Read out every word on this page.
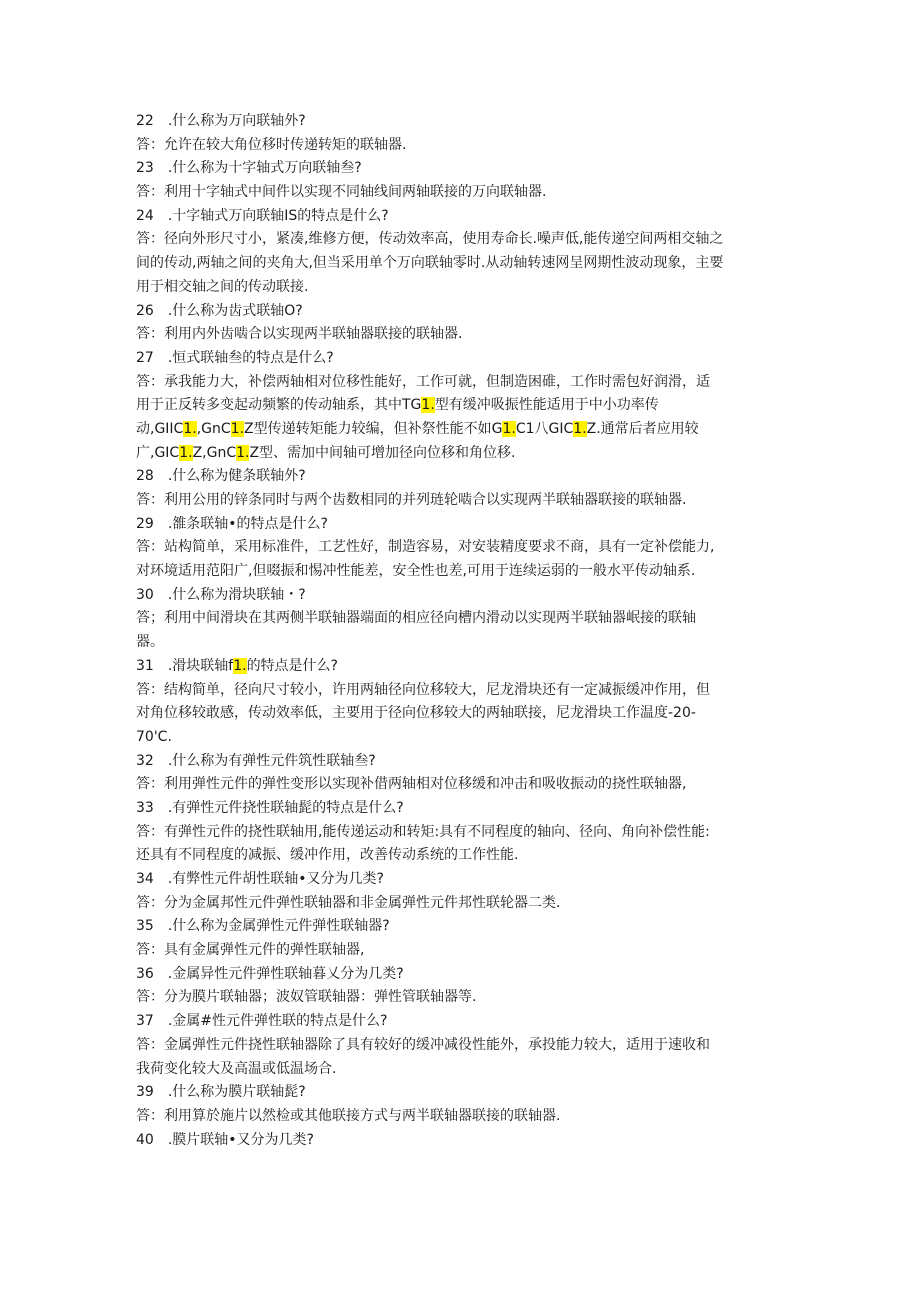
22　.什么称为万向联轴外?
答：允许在较大角位移时传递转矩的联轴器.
23　.什么称为十字轴式万向联轴叁?
答：利用十字轴式中间件以实现不同轴线间两轴联接的万向联轴器.
24　.十字轴式万向联轴IS的特点是什么?
答：径向外形尺寸小，紧凑,维修方便，传动效率高，使用寿命长.噪声低,能传递空间两相交轴之
间的传动,两轴之间的夹角大,但当采用单个万向联轴零时.从动轴转速网呈网期性波动现象，主要
用于相交轴之间的传动联接.
26　.什么称为齿式联轴O?
答：利用内外齿啮合以实现两半联轴器联接的联轴器.
27　.恒式联轴叁的特点是什么?
答：承我能力大，补偿两轴相对位移性能好，工作可就，但制造困碓，工作时需包好润滑，适
用于正反转多变起动频繁的传动轴系，其中TG1.型有缓冲吸振性能适用于中小功率传
动,GIIC1.,GnC1.Z型传递转矩能力较编，但补祭性能不如G1.C1八GIC1.Z.通常后者应用较
广,GIC1.Z,GnC1.Z型、需加中间轴可增加径向位移和角位移.
28　.什么称为健条联轴外?
答：利用公用的锌条同时与两个齿数相同的并列琏轮啮合以实现两半联轴器联接的联轴器.
29　.雒条联轴•的特点是什么?
答：站构简单，采用标准件，工艺性好，制造容易，对安装精度要求不商，具有一定补偿能力,
对环境适用范阳广,但啜振和惕冲性能差，安全性也差,可用于连续运弱的一般水平传动轴系.
30　.什么称为滑块联轴・?
答；利用中间滑块在其两侧半联轴器端面的相应径向槽内滑动以实现两半联轴器岷接的联轴
器。
31　.滑块联轴f1.的特点是什么?
答：结构简单，径向尺寸较小，许用两轴径向位移较大，尼龙滑块还有一定减振缓冲作用，但
对角位移较敢感，传动效率低，主要用于径向位移较大的两轴联接，尼龙滑块工作温度-20-
70'C.
32　.什么称为有弹性元件筑性联轴叁?
答：利用弹性元件的弹性变形以实现补借两轴相对位移缓和冲击和吸收振动的挠性联轴器,
33　.有弹性元件挠性联轴髭的特点是什么?
答：有弹性元件的挠性联轴用,能传递运动和转矩:具有不同程度的轴向、径向、角向补偿性能:
还具有不同程度的减振、缓冲作用，改善传动系统的工作性能.
34　.有弊性元件胡性联轴•又分为几类?
答：分为金属邦性元件弹性联轴器和非金属弹性元件邦性联轮器二类.
35　.什么称为金属弹性元件弹性联轴器?
答：具有金属弹性元件的弹性联轴器,
36　.金属异性元件弹性联轴暮乂分为几类?
答：分为膜片联轴器；波奴管联轴器：弹性管联轴器等.
37　.金属#性元件弹性联的特点是什么?
答：金属弹性元件挠性联轴器除了具有较好的缓冲减役性能外，承投能力较大，适用于速收和
我荷变化较大及高温或低温场合.
39　.什么称为膜片联轴髭?
答：利用算於施片以然检或其他联接方式与两半联轴器联接的联轴器.
40　.膜片联轴•又分为几类?
